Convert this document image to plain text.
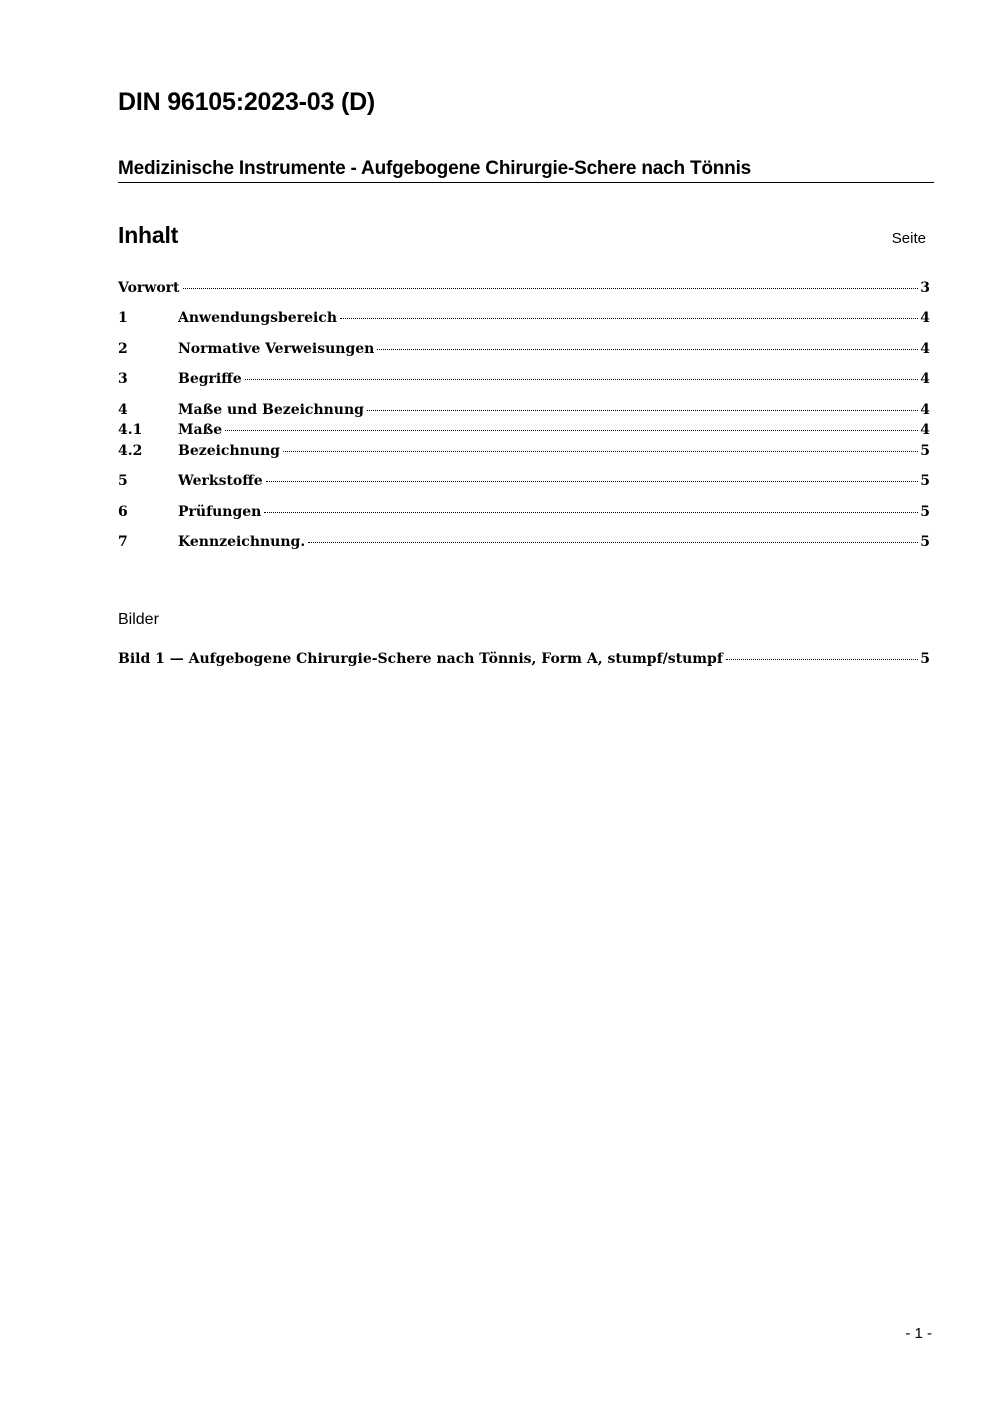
DIN 96105:2023-03 (D)
Medizinische Instrumente - Aufgebogene Chirurgie-Schere nach Tönnis
Inhalt	Seite
Vorwort	3
1	Anwendungsbereich	4
2	Normative Verweisungen	4
3	Begriffe	4
4	Maße und Bezeichnung	4
4.1	Maße	4
4.2	Bezeichnung	5
5	Werkstoffe	5
6	Prüfungen	5
7	Kennzeichnung.	5
Bilder
Bild 1 — Aufgebogene Chirurgie-Schere nach Tönnis, Form A, stumpf/stumpf	5
- 1 -
